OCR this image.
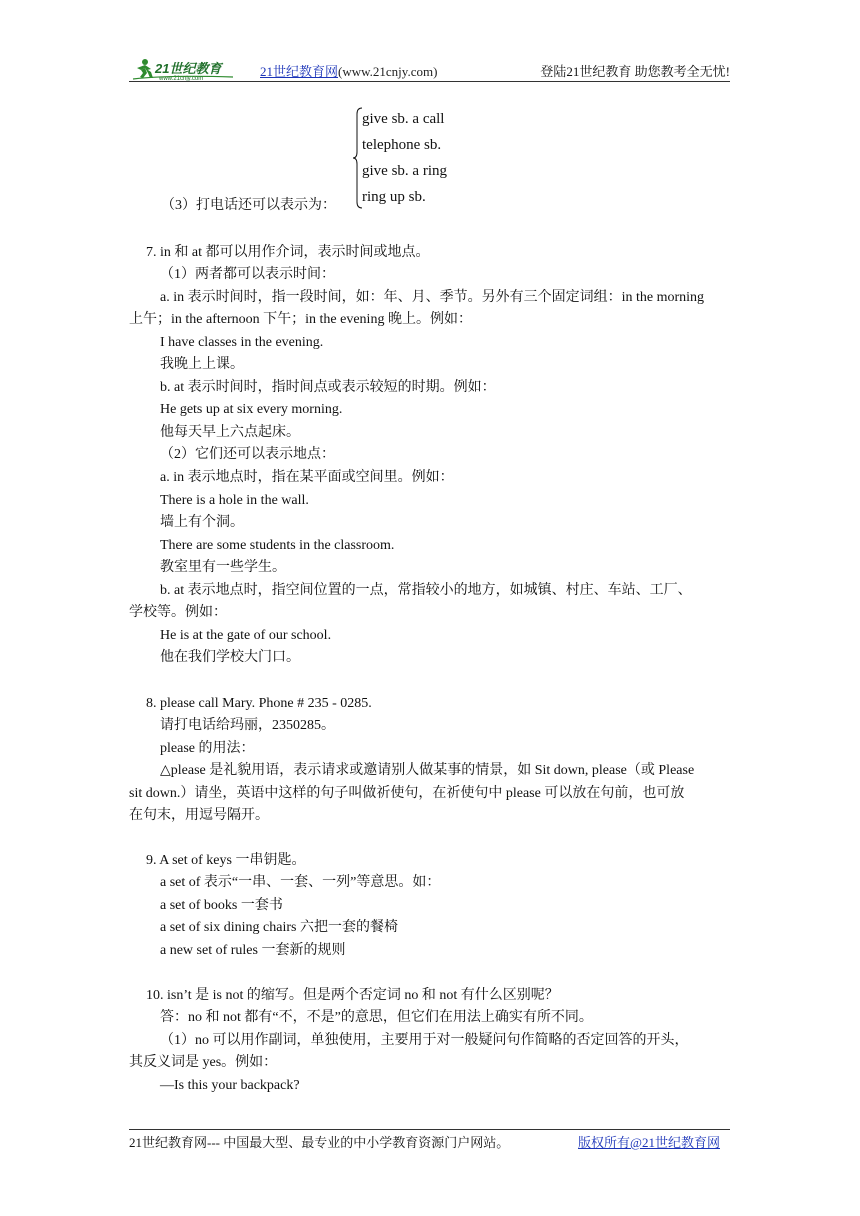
21世纪教育
www.21cnjy.com	21世纪教育网(www.21cnjy.com)	登陆21世纪教育 助您教考全无忧!
give sb. a call
telephone sb.
give sb. a ring
ring up sb.
（3）打电话还可以表示为：
7. in 和 at 都可以用作介词，表示时间或地点。
（1）两者都可以表示时间：
a. in 表示时间时，指一段时间，如：年、月、季节。另外有三个固定词组：in the morning
上午；in the afternoon 下午；in the evening 晚上。例如：
I have classes in the evening.
我晚上上课。
b. at 表示时间时，指时间点或表示较短的时期。例如：
He gets up at six every morning.
他每天早上六点起床。
（2）它们还可以表示地点：
a. in 表示地点时，指在某平面或空间里。例如：
There is a hole in the wall.
墙上有个洞。
There are some students in the classroom.
教室里有一些学生。
b. at 表示地点时，指空间位置的一点，常指较小的地方，如城镇、村庄、车站、工厂、
学校等。例如：
He is at the gate of our school.
他在我们学校大门口。
8. please call Mary. Phone # 235 - 0285.
请打电话给玛丽，2350285。
please 的用法：
△please 是礼貌用语，表示请求或邀请别人做某事的情景，如 Sit down, please（或 Please
sit down.）请坐，英语中这样的句子叫做祈使句，在祈使句中 please 可以放在句前，也可放
在句末，用逗号隔开。
9. A set of keys 一串钥匙。
a set of 表示“一串、一套、一列”等意思。如：
a set of books 一套书
a set of six dining chairs 六把一套的餐椅
a new set of rules 一套新的规则
10. isn’t 是 is not 的缩写。但是两个否定词 no 和 not 有什么区别呢？
答：no 和 not 都有“不，不是”的意思，但它们在用法上确实有所不同。
（1）no 可以用作副词，单独使用，主要用于对一般疑问句作简略的否定回答的开头，
其反义词是 yes。例如：
—Is this your backpack?
21世纪教育网--- 中国最大型、最专业的中小学教育资源门户网站。	版权所有@21世纪教育网
